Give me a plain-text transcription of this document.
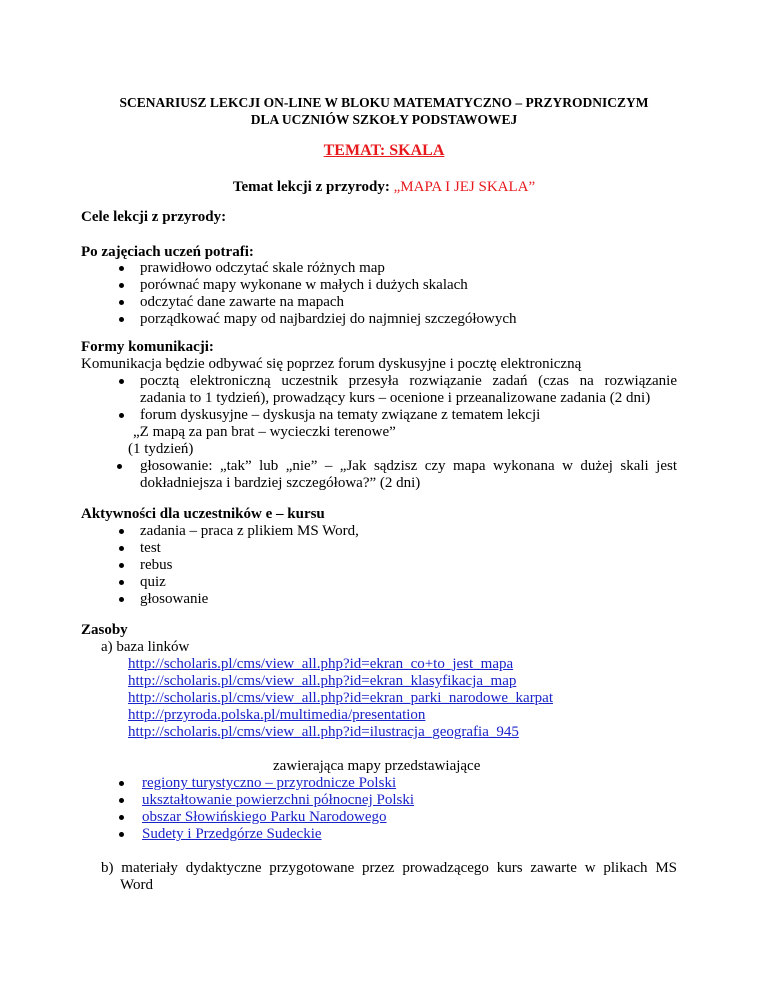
SCENARIUSZ LEKCJI ON-LINE W BLOKU MATEMATYCZNO – PRZYRODNICZYM
DLA UCZNIÓW SZKOŁY PODSTAWOWEJ
TEMAT: SKALA
Temat lekcji z przyrody: „MAPA I JEJ SKALA”
Cele lekcji z przyrody:
Po zajęciach uczeń potrafi:
prawidłowo odczytać skale różnych map
porównać mapy wykonane w małych i dużych skalach
odczytać dane zawarte na mapach
porządkować mapy od najbardziej do najmniej szczegółowych
Formy komunikacji:
Komunikacja będzie odbywać się poprzez forum dyskusyjne i pocztę elektroniczną
pocztą elektroniczną uczestnik przesyła rozwiązanie zadań (czas na rozwiązanie
zadania to 1 tydzień), prowadzący kurs – ocenione i przeanalizowane zadania (2 dni)
forum dyskusyjne – dyskusja na tematy związane z tematem lekcji
„Z mapą za pan brat – wycieczki terenowe”
(1 tydzień)
głosowanie: „tak” lub „nie” – „Jak sądzisz czy mapa wykonana w dużej skali jest
dokładniejsza i bardziej szczegółowa?” (2 dni)
Aktywności dla uczestników e – kursu
zadania – praca z plikiem MS Word,
test
rebus
quiz
głosowanie
Zasoby
a) baza linków
http://scholaris.pl/cms/view_all.php?id=ekran_co+to_jest_mapa
http://scholaris.pl/cms/view_all.php?id=ekran_klasyfikacja_map
http://scholaris.pl/cms/view_all.php?id=ekran_parki_narodowe_karpat
http://przyroda.polska.pl/multimedia/presentation
http://scholaris.pl/cms/view_all.php?id=ilustracja_geografia_945
zawierająca mapy przedstawiające
regiony turystyczno – przyrodnicze Polski
ukształtowanie powierzchni północnej Polski
obszar Słowińskiego Parku Narodowego
Sudety i Przedgórze Sudeckie
b) materiały dydaktyczne przygotowane przez prowadzącego kurs zawarte w plikach MS
Word
